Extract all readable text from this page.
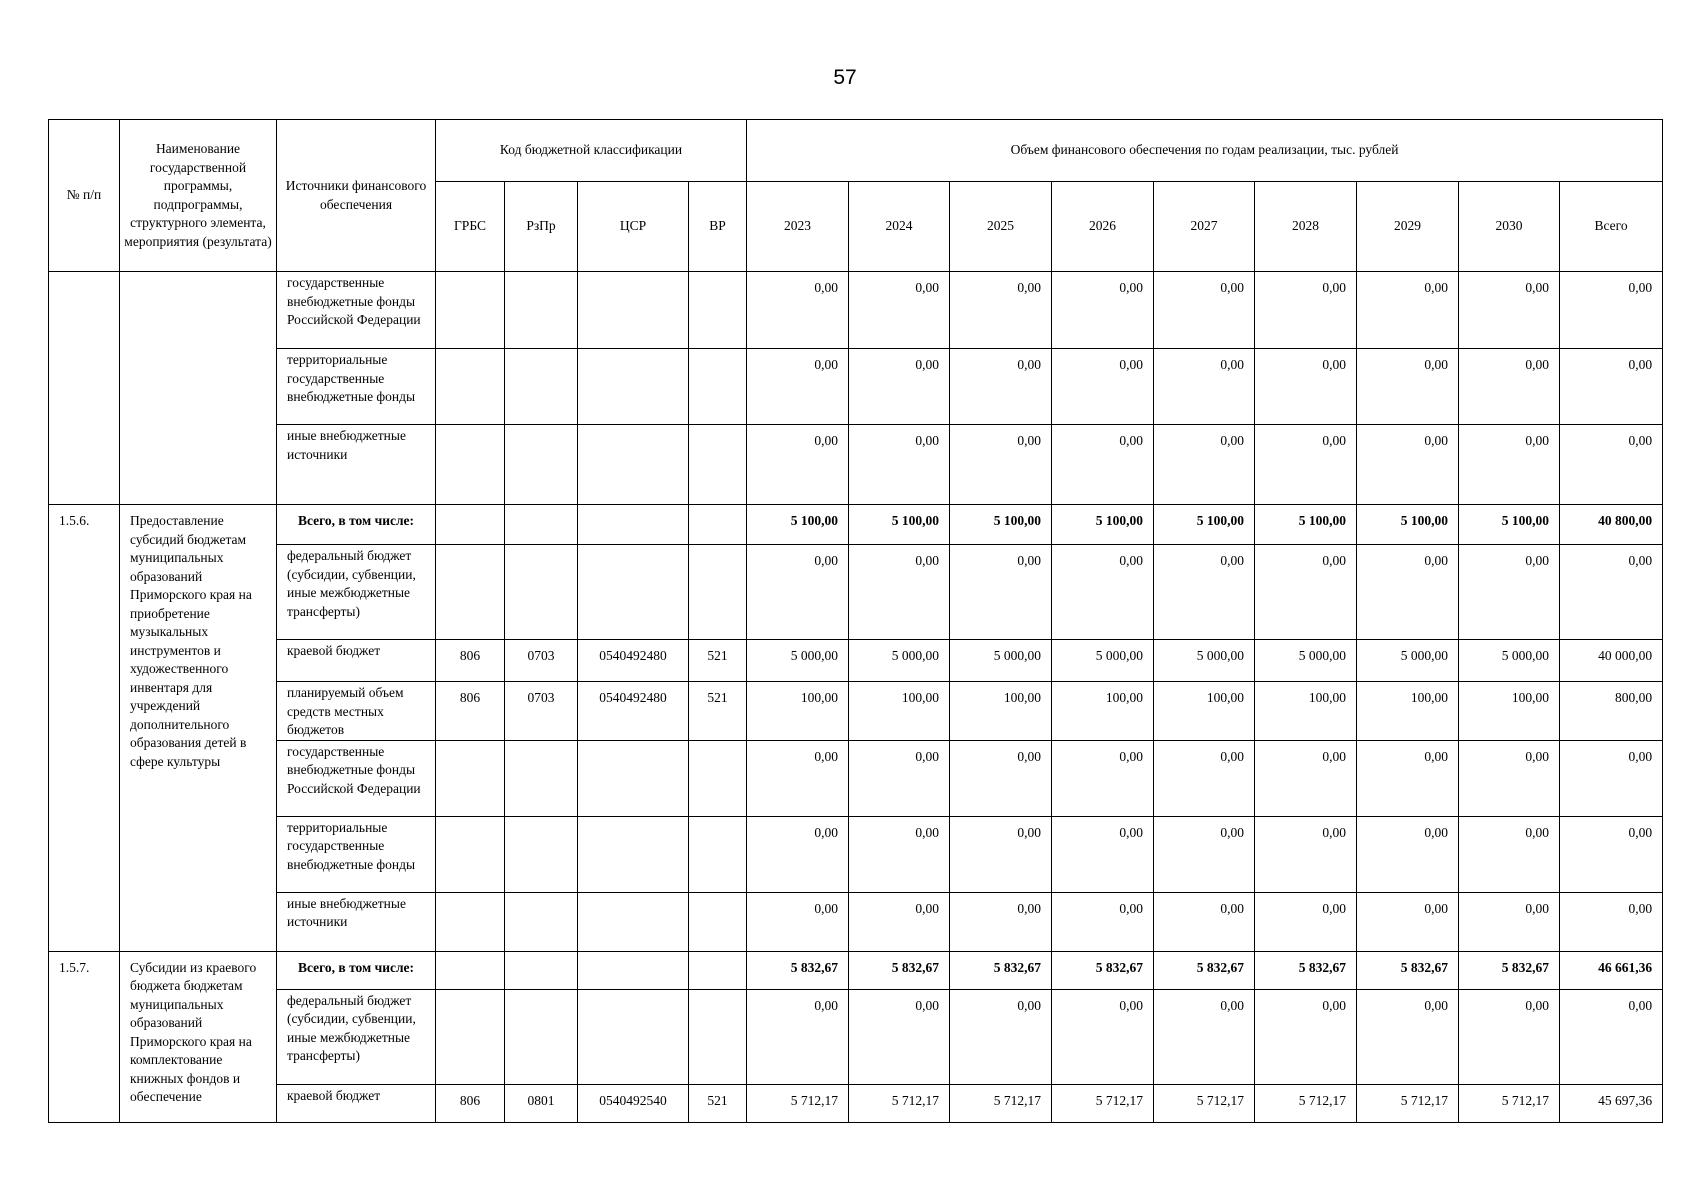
57
№ п/п	Наименование государственной программы, подпрограммы, структурного элемента, мероприятия (результата)	Источники финансового обеспечения	Код бюджетной классификации				Объем финансового обеспечения по годам реализации, тыс. рублей								
			ГРБС	РзПр	ЦСР	ВР	2023	2024	2025	2026	2027	2028	2029	2030	Всего
		государственные внебюджетные фонды Российской Федерации					0,00	0,00	0,00	0,00	0,00	0,00	0,00	0,00	0,00
		территориальные государственные внебюджетные фонды					0,00	0,00	0,00	0,00	0,00	0,00	0,00	0,00	0,00
		иные внебюджетные источники					0,00	0,00	0,00	0,00	0,00	0,00	0,00	0,00	0,00
1.5.6.	Предоставление субсидий бюджетам муниципальных образований Приморского края на приобретение музыкальных инструментов и художественного инвентаря для учреждений дополнительного образования детей в сфере культуры	Всего, в том числе:					5 100,00	5 100,00	5 100,00	5 100,00	5 100,00	5 100,00	5 100,00	5 100,00	40 800,00
		федеральный бюджет (субсидии, субвенции, иные межбюджетные трансферты)					0,00	0,00	0,00	0,00	0,00	0,00	0,00	0,00	0,00
		краевой бюджет	806	0703	0540492480	521	5 000,00	5 000,00	5 000,00	5 000,00	5 000,00	5 000,00	5 000,00	5 000,00	40 000,00
		планируемый объем средств местных бюджетов	806	0703	0540492480	521	100,00	100,00	100,00	100,00	100,00	100,00	100,00	100,00	800,00
		государственные внебюджетные фонды Российской Федерации					0,00	0,00	0,00	0,00	0,00	0,00	0,00	0,00	0,00
		территориальные государственные внебюджетные фонды					0,00	0,00	0,00	0,00	0,00	0,00	0,00	0,00	0,00
		иные внебюджетные источники					0,00	0,00	0,00	0,00	0,00	0,00	0,00	0,00	0,00
1.5.7.	Субсидии из краевого бюджета бюджетам муниципальных образований Приморского края на комплектование книжных фондов и обеспечение	Всего, в том числе:					5 832,67	5 832,67	5 832,67	5 832,67	5 832,67	5 832,67	5 832,67	5 832,67	46 661,36
		федеральный бюджет (субсидии, субвенции, иные межбюджетные трансферты)					0,00	0,00	0,00	0,00	0,00	0,00	0,00	0,00	0,00
		краевой бюджет	806	0801	0540492540	521	5 712,17	5 712,17	5 712,17	5 712,17	5 712,17	5 712,17	5 712,17	5 712,17	45 697,36
